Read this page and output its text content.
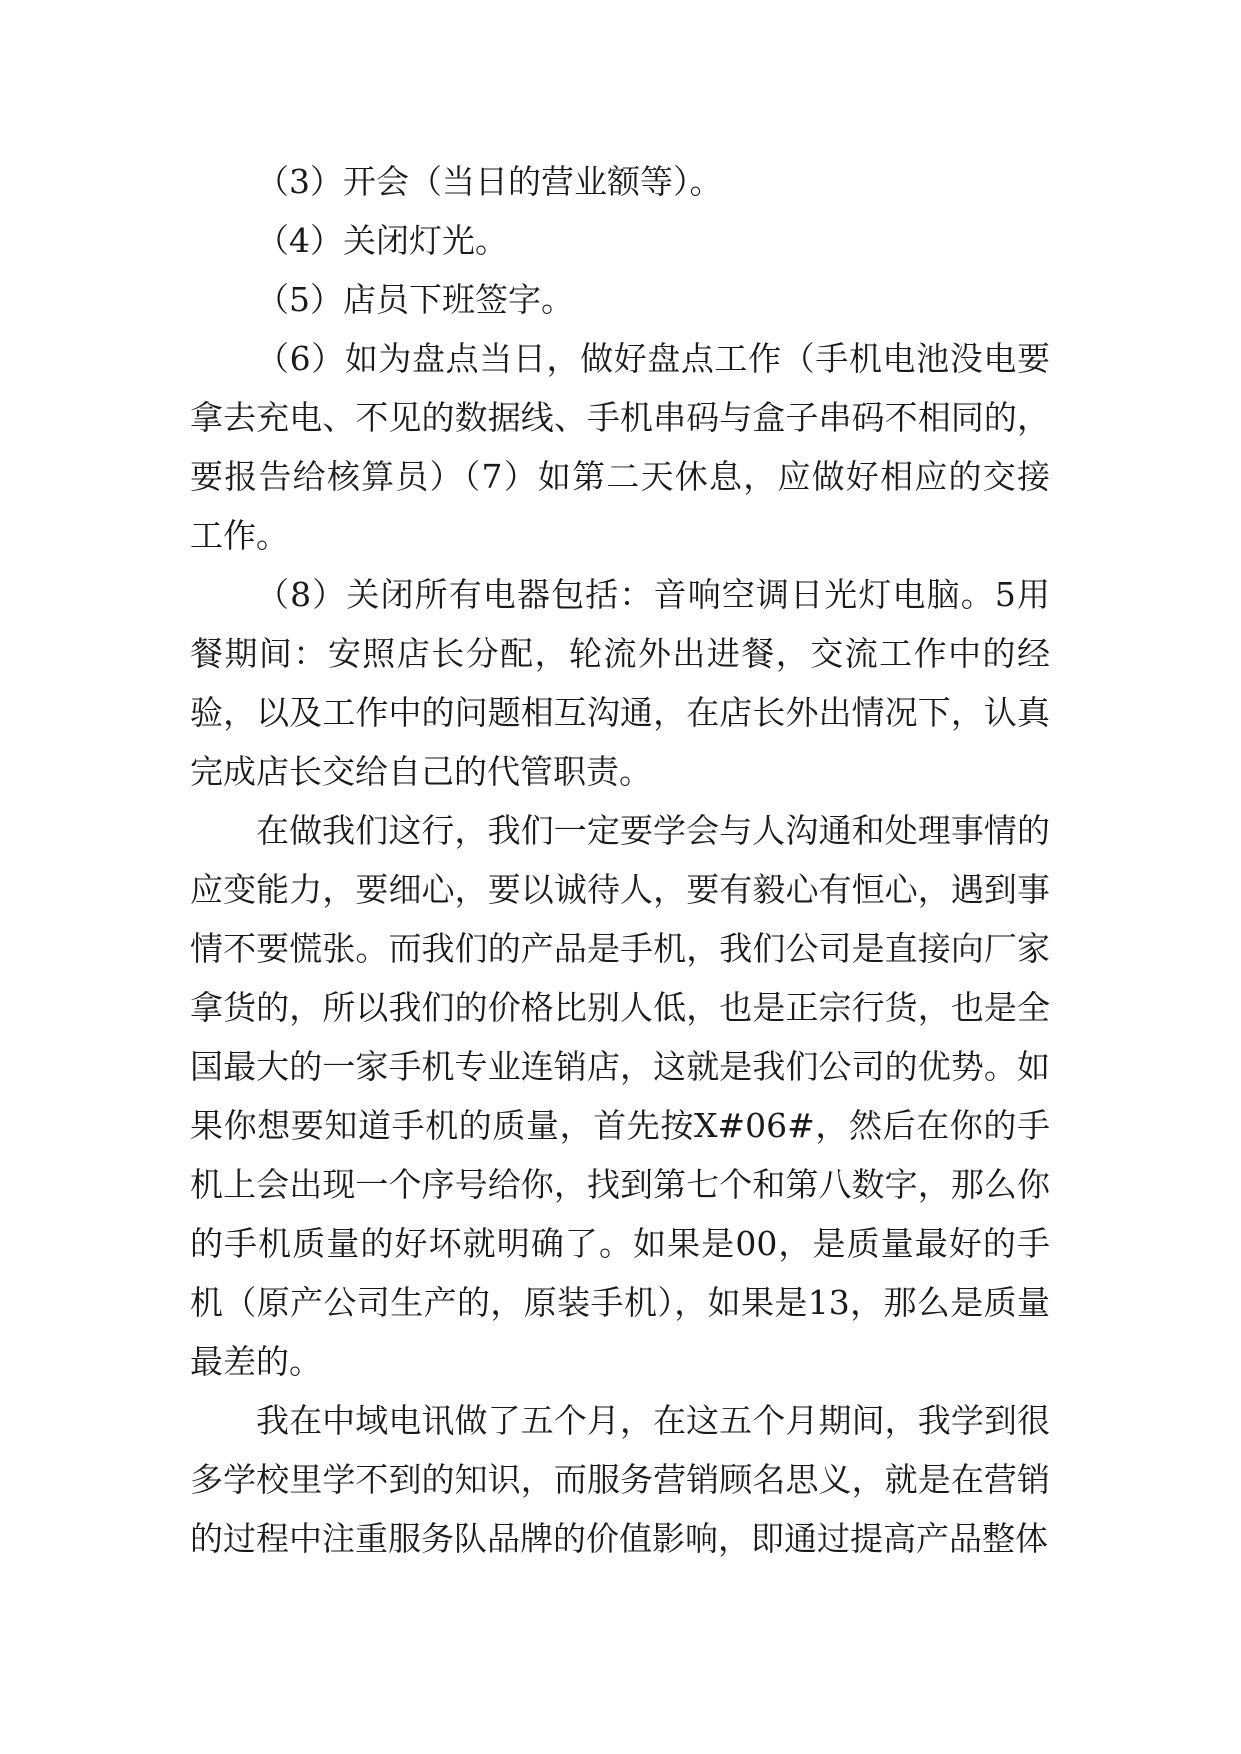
（3）开会（当日的营业额等）。

（4）关闭灯光。

（5）店员下班签字。

（6）如为盘点当日，做好盘点工作（手机电池没电要拿去充电、不见的数据线、手机串码与盒子串码不相同的，要报告给核算员）（7）如第二天休息，应做好相应的交接工作。

（8）关闭所有电器包括：音响空调日光灯电脑。5用餐期间：安照店长分配，轮流外出进餐，交流工作中的经验，以及工作中的问题相互沟通，在店长外出情况下，认真完成店长交给自己的代管职责。

在做我们这行，我们一定要学会与人沟通和处理事情的应变能力，要细心，要以诚待人，要有毅心有恒心，遇到事情不要慌张。而我们的产品是手机，我们公司是直接向厂家拿货的，所以我们的价格比别人低，也是正宗行货，也是全国最大的一家手机专业连销店，这就是我们公司的优势。如果你想要知道手机的质量，首先按X#06#，然后在你的手机上会出现一个序号给你，找到第七个和第八数字，那么你的手机质量的好坏就明确了。如果是00，是质量最好的手机（原产公司生产的，原装手机），如果是13，那么是质量最差的。

我在中域电讯做了五个月，在这五个月期间，我学到很多学校里学不到的知识，而服务营销顾名思义，就是在营销的过程中注重服务队品牌的价值影响，即通过提高产品整体
